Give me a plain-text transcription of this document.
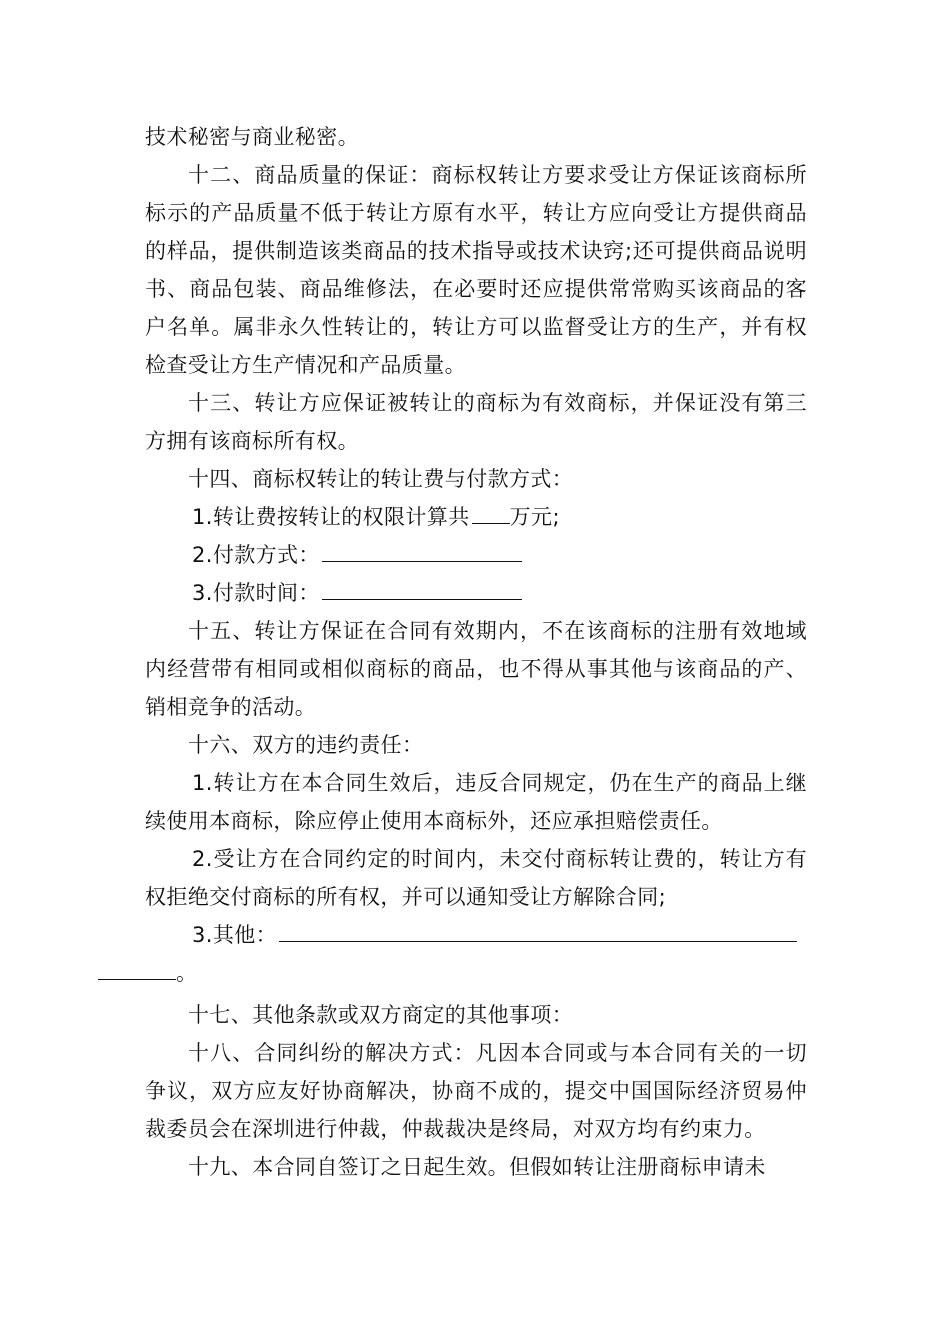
技术秘密与商业秘密。

十二、商品质量的保证：商标权转让方要求受让方保证该商标所标示的产品质量不低于转让方原有水平，转让方应向受让方提供商品的样品，提供制造该类商品的技术指导或技术诀窍;还可提供商品说明书、商品包装、商品维修法，在必要时还应提供常常购买该商品的客户名单。属非永久性转让的，转让方可以监督受让方的生产，并有权检查受让方生产情况和产品质量。

十三、转让方应保证被转让的商标为有效商标，并保证没有第三方拥有该商标所有权。

十四、商标权转让的转让费与付款方式：

1.转让费按转让的权限计算共 万元;

2.付款方式：

3.付款时间：

十五、转让方保证在合同有效期内，不在该商标的注册有效地域内经营带有相同或相似商标的商品，也不得从事其他与该商品的产、销相竞争的活动。

十六、双方的违约责任：

1.转让方在本合同生效后，违反合同规定，仍在生产的商品上继续使用本商标，除应停止使用本商标外，还应承担赔偿责任。

2.受让方在合同约定的时间内，未交付商标转让费的，转让方有权拒绝交付商标的所有权，并可以通知受让方解除合同;

3.其他：
。

十七、其他条款或双方商定的其他事项：

十八、合同纠纷的解决方式：凡因本合同或与本合同有关的一切争议，双方应友好协商解决，协商不成的，提交中国国际经济贸易仲裁委员会在深圳进行仲裁，仲裁裁决是终局，对双方均有约束力。

十九、本合同自签订之日起生效。但假如转让注册商标申请未
